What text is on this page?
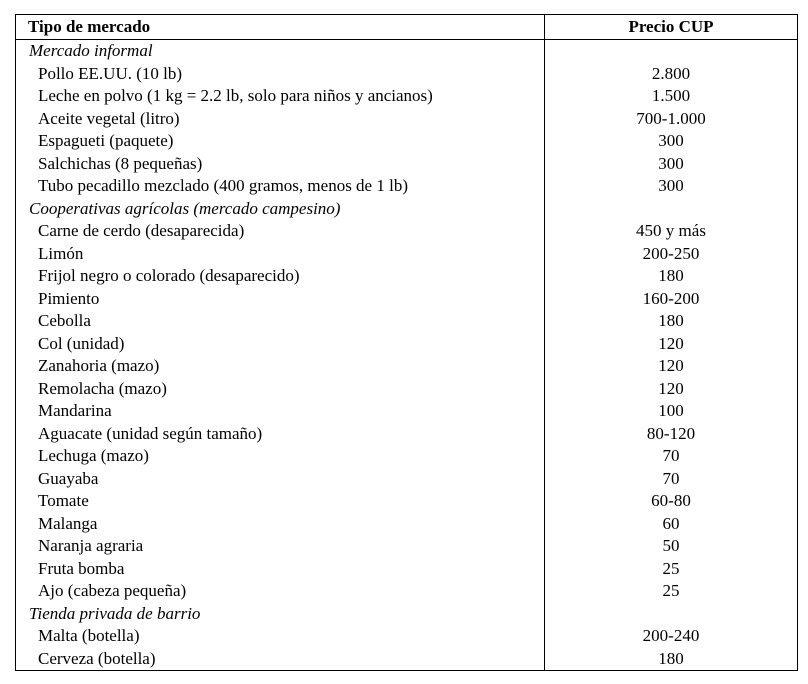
Tipo de mercado	Precio CUP
Mercado informal	
Pollo EE.UU. (10 lb)	2.800
Leche en polvo (1 kg = 2.2 lb, solo para niños y ancianos)	1.500
Aceite vegetal (litro)	700-1.000
Espagueti (paquete)	300
Salchichas (8 pequeñas)	300
Tubo pecadillo mezclado (400 gramos, menos de 1 lb)	300
Cooperativas agrícolas (mercado campesino)	
Carne de cerdo (desaparecida)	450 y más
Limón	200-250
Frijol negro o colorado (desaparecido)	180
Pimiento	160-200
Cebolla	180
Col (unidad)	120
Zanahoria (mazo)	120
Remolacha (mazo)	120
Mandarina	100
Aguacate (unidad según tamaño)	80-120
Lechuga (mazo)	70
Guayaba	70
Tomate	60-80
Malanga	60
Naranja agraria	50
Fruta bomba	25
Ajo (cabeza pequeña)	25
Tienda privada de barrio	
Malta (botella)	200-240
Cerveza (botella)	180
